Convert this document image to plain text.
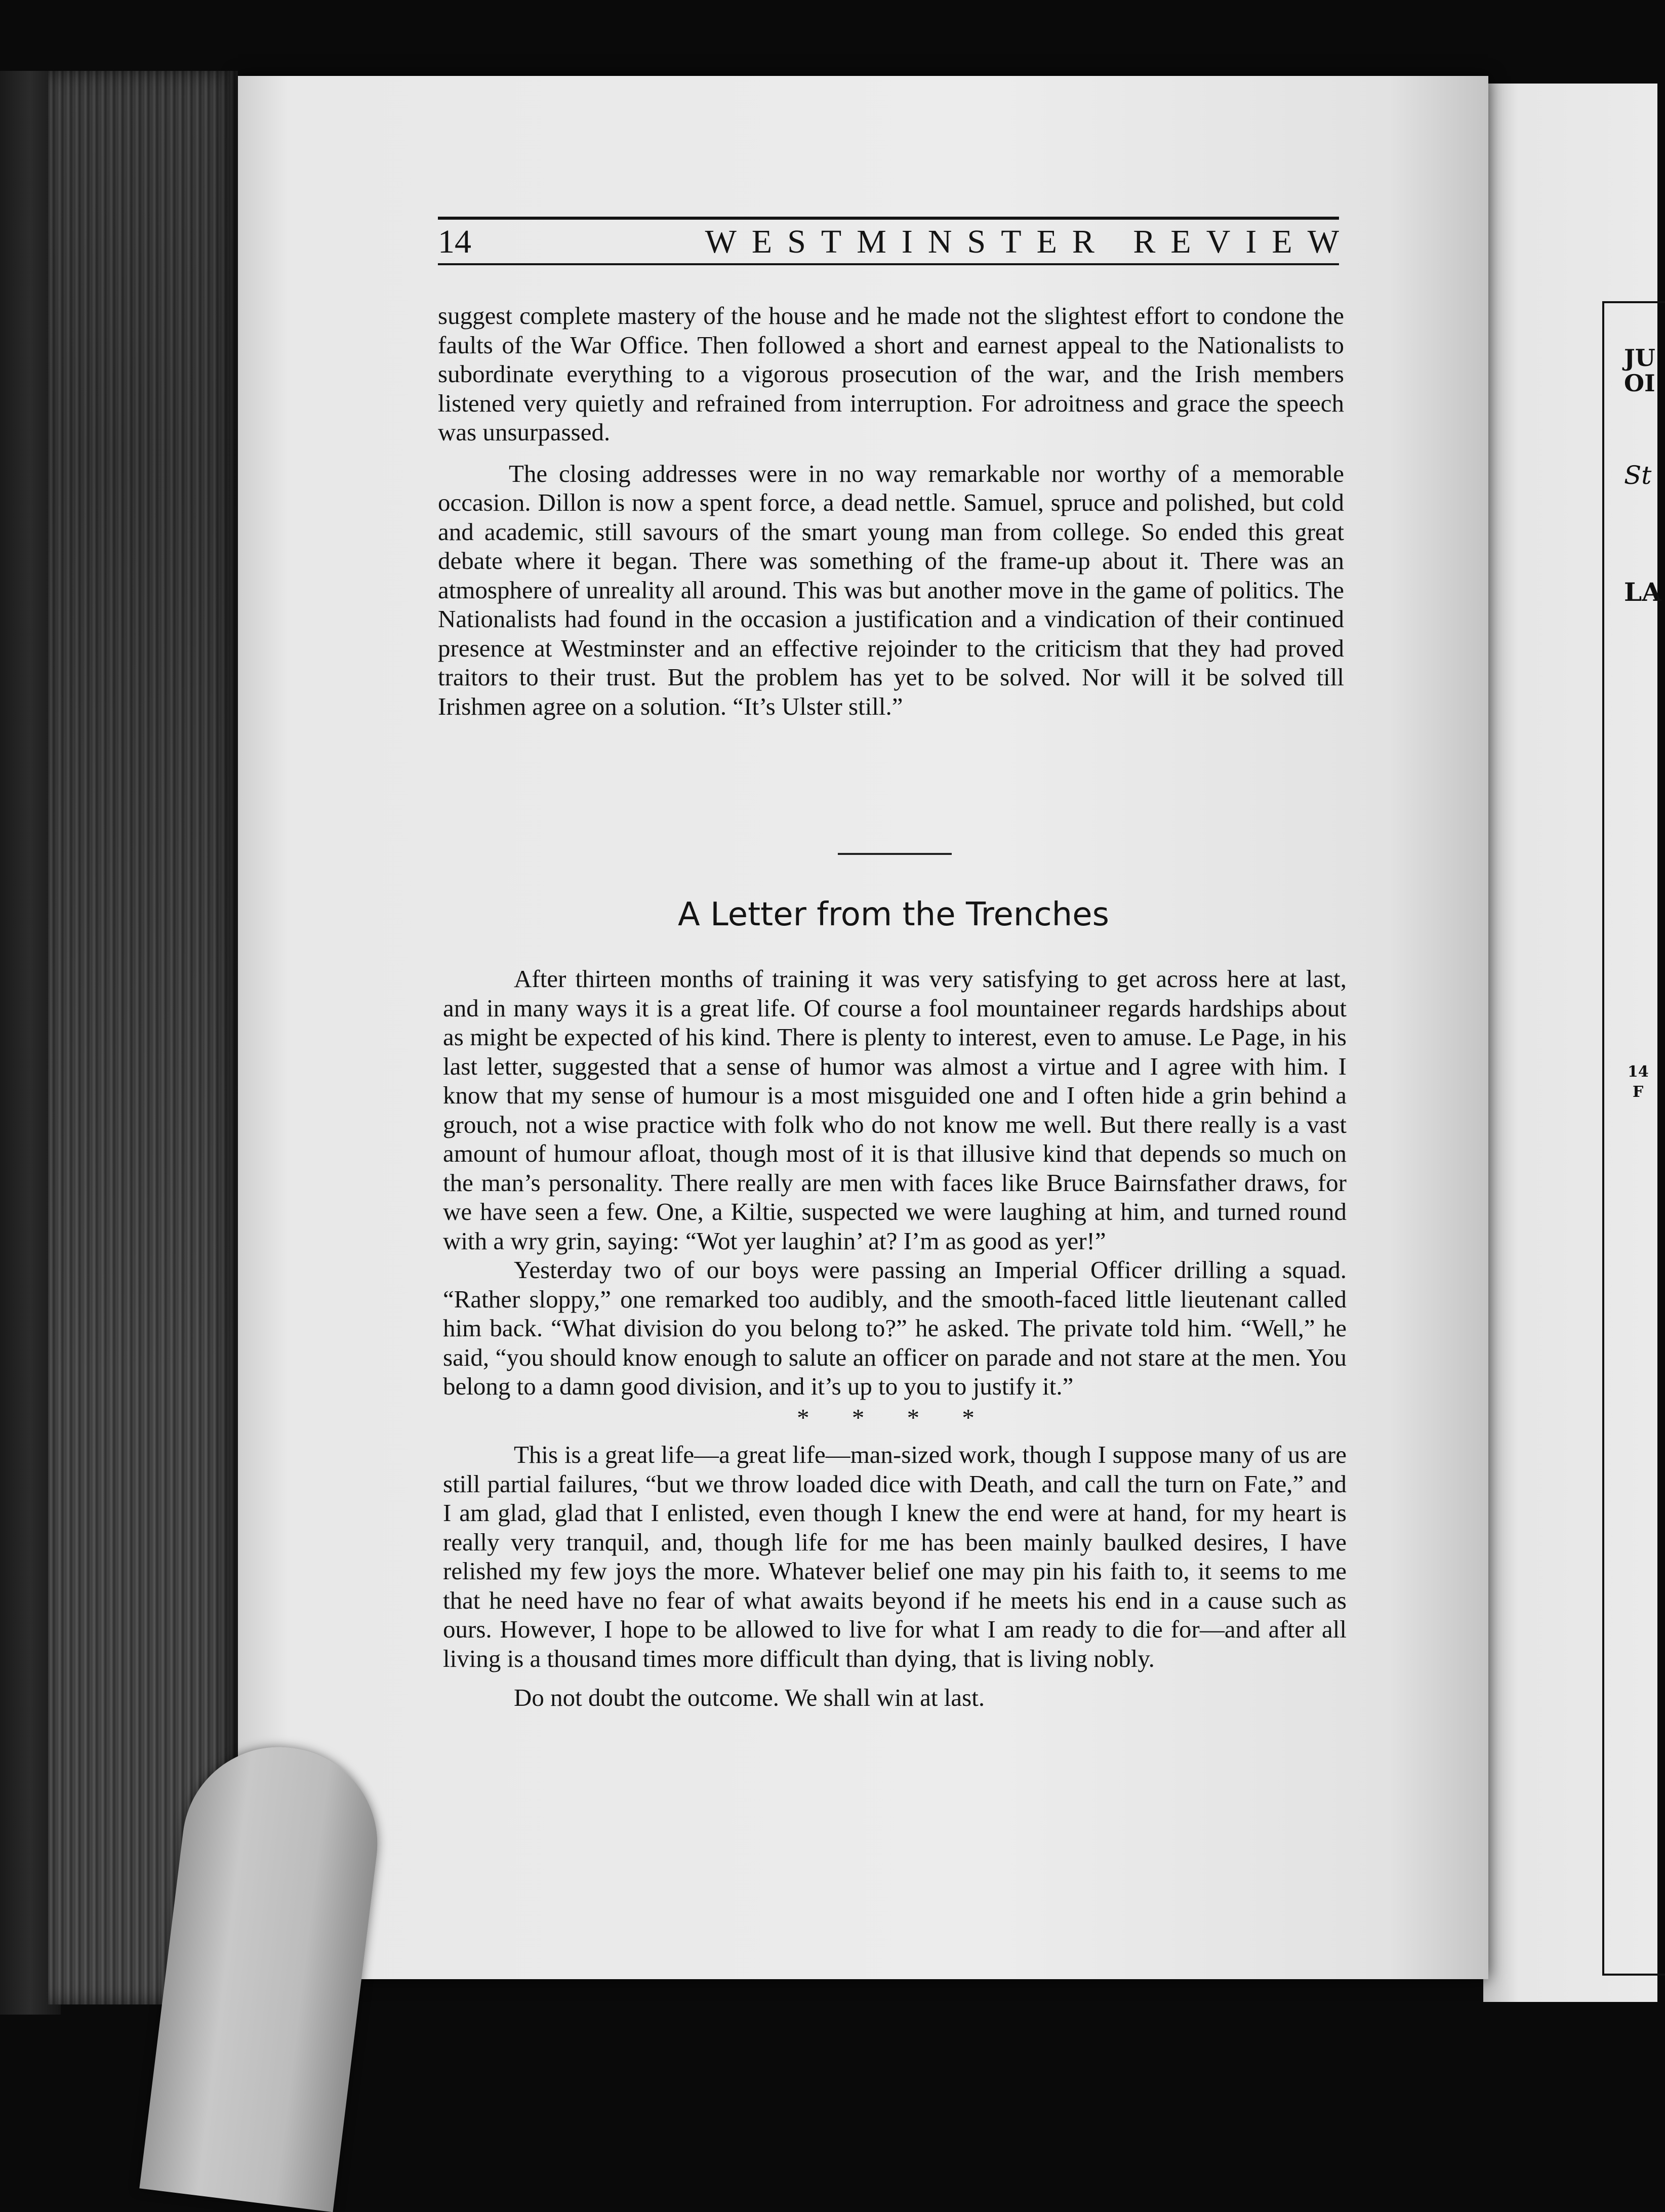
JU
OI
St
LA
14
F
14	WESTMINSTER REVIEW

suggest complete mastery of the house and he made not the slightest effort to condone the faults of the War Office. Then followed a short and earnest appeal to the Nationalists to subordinate everything to a vigorous prosecution of the war, and the Irish members listened very quietly and refrained from interruption. For adroitness and grace the speech was unsurpassed.

The closing addresses were in no way remarkable nor worthy of a memorable occasion. Dillon is now a spent force, a dead nettle. Samuel, spruce and polished, but cold and academic, still savours of the smart young man from college. So ended this great debate where it began. There was something of the frame-up about it. There was an atmosphere of unreality all around. This was but another move in the game of politics. The Nationalists had found in the occasion a justification and a vindication of their continued presence at Westminster and an effective rejoinder to the criticism that they had proved traitors to their trust. But the problem has yet to be solved. Nor will it be solved till Irishmen agree on a solution. “It’s Ulster still.”

A Letter from the Trenches

After thirteen months of training it was very satisfying to get across here at last, and in many ways it is a great life. Of course a fool mountaineer regards hardships about as might be expected of his kind. There is plenty to interest, even to amuse. Le Page, in his last letter, suggested that a sense of humor was almost a virtue and I agree with him. I know that my sense of humour is a most misguided one and I often hide a grin behind a grouch, not a wise practice with folk who do not know me well. But there really is a vast amount of humour afloat, though most of it is that illusive kind that depends so much on the man’s personality. There really are men with faces like Bruce Bairnsfather draws, for we have seen a few. One, a Kiltie, suspected we were laughing at him, and turned round with a wry grin, saying: “Wot yer laughin’ at? I’m as good as yer!”

Yesterday two of our boys were passing an Imperial Officer drilling a squad. “Rather sloppy,” one remarked too audibly, and the smooth-faced little lieutenant called him back. “What division do you belong to?” he asked. The private told him. “Well,” he said, “you should know enough to salute an officer on parade and not stare at the men. You belong to a damn good division, and it’s up to you to justify it.”

* * * *

This is a great life—a great life—man-sized work, though I suppose many of us are still partial failures, “but we throw loaded dice with Death, and call the turn on Fate,” and I am glad, glad that I enlisted, even though I knew the end were at hand, for my heart is really very tranquil, and, though life for me has been mainly baulked desires, I have relished my few joys the more. Whatever belief one may pin his faith to, it seems to me that he need have no fear of what awaits beyond if he meets his end in a cause such as ours. However, I hope to be allowed to live for what I am ready to die for—and after all living is a thousand times more difficult than dying, that is living nobly.

Do not doubt the outcome. We shall win at last.
